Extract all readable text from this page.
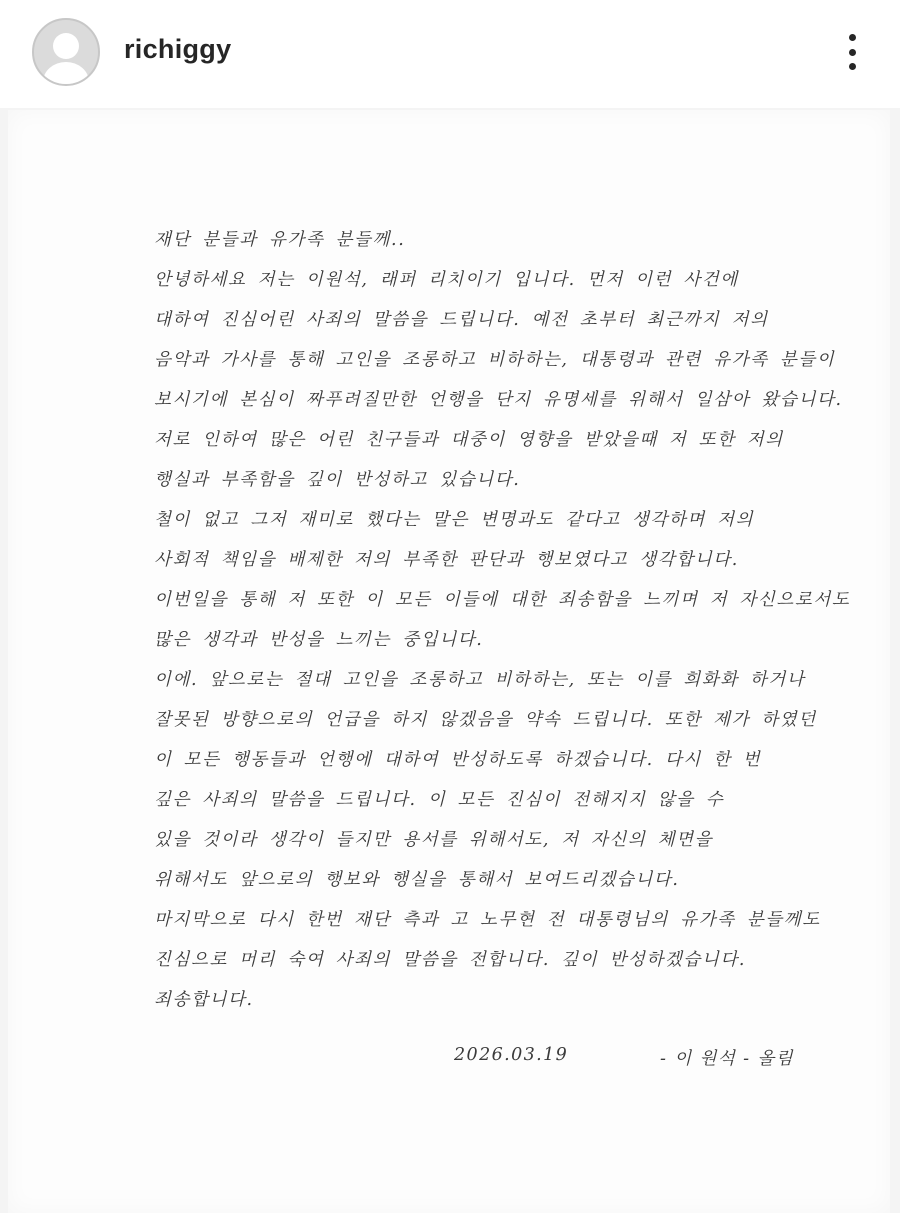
richiggy
재단 분들과 유가족 분들께..
안녕하세요 저는 이원석, 래퍼 리치이기 입니다. 먼저 이런 사건에
대하여 진심어린 사죄의 말씀을 드립니다. 예전 초부터 최근까지 저의
음악과 가사를 통해 고인을 조롱하고 비하하는, 대통령과 관련 유가족 분들이
보시기에 본심이 짜푸려질만한 언행을 단지 유명세를 위해서 일삼아 왔습니다.
저로 인하여 많은 어린 친구들과 대중이 영향을 받았을때 저 또한 저의
행실과 부족함을 깊이 반성하고 있습니다.
철이 없고 그저 재미로 했다는 말은 변명과도 같다고 생각하며 저의
사회적 책임을 배제한 저의 부족한 판단과 행보였다고 생각합니다.
이번일을 통해 저 또한 이 모든 이들에 대한 죄송함을 느끼며 저 자신으로서도
많은 생각과 반성을 느끼는 중입니다.
이에. 앞으로는 절대 고인을 조롱하고 비하하는, 또는 이를 희화화 하거나
잘못된 방향으로의 언급을 하지 않겠음을 약속 드립니다. 또한 제가 하였던
이 모든 행동들과 언행에 대하여 반성하도록 하겠습니다. 다시 한 번
깊은 사죄의 말씀을 드립니다. 이 모든 진심이 전해지지 않을 수
있을 것이라 생각이 들지만 용서를 위해서도, 저 자신의 체면을
위해서도 앞으로의 행보와 행실을 통해서 보여드리겠습니다.
마지막으로 다시 한번 재단 측과 고 노무현 전 대통령님의 유가족 분들께도
진심으로 머리 숙여 사죄의 말씀을 전합니다. 깊이 반성하겠습니다.
죄송합니다.
2026.03.19	- 이 원석 - 올림
